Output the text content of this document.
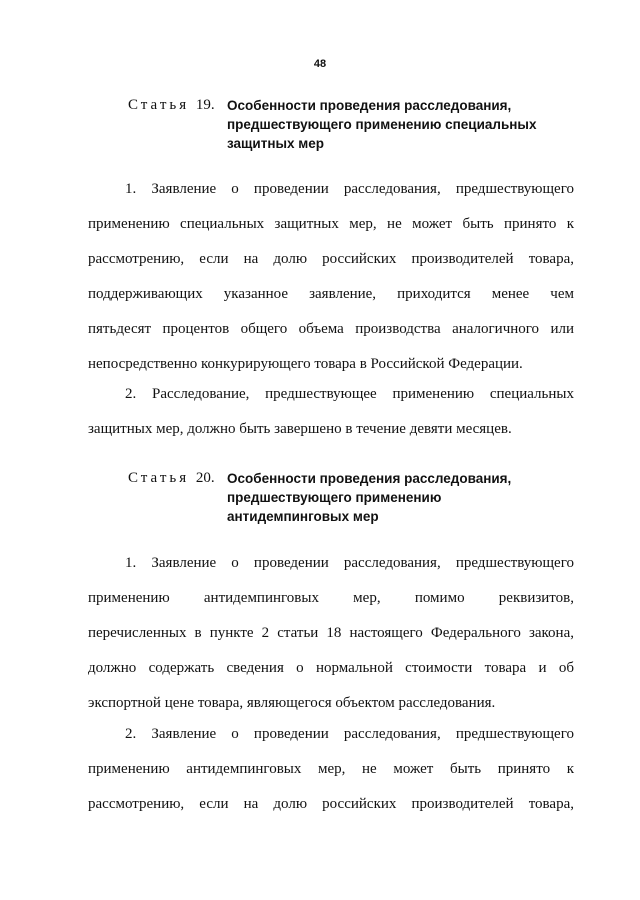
48
Статья 19. Особенности проведения расследования,
предшествующего применению специальных
защитных мер
1. Заявление о проведении расследования, предшествующего
применению специальных защитных мер, не может быть принято к
рассмотрению, если на долю российских производителей товара,
поддерживающих указанное заявление, приходится менее чем
пятьдесят процентов общего объема производства аналогичного или
непосредственно конкурирующего товара в Российской Федерации.
2. Расследование, предшествующее применению специальных
защитных мер, должно быть завершено в течение девяти месяцев.
Статья 20. Особенности проведения расследования,
предшествующего применению
антидемпинговых мер
1. Заявление о проведении расследования, предшествующего
применению антидемпинговых мер, помимо реквизитов,
перечисленных в пункте 2 статьи 18 настоящего Федерального закона,
должно содержать сведения о нормальной стоимости товара и об
экспортной цене товара, являющегося объектом расследования.
2. Заявление о проведении расследования, предшествующего
применению антидемпинговых мер, не может быть принято к
рассмотрению, если на долю российских производителей товара,
